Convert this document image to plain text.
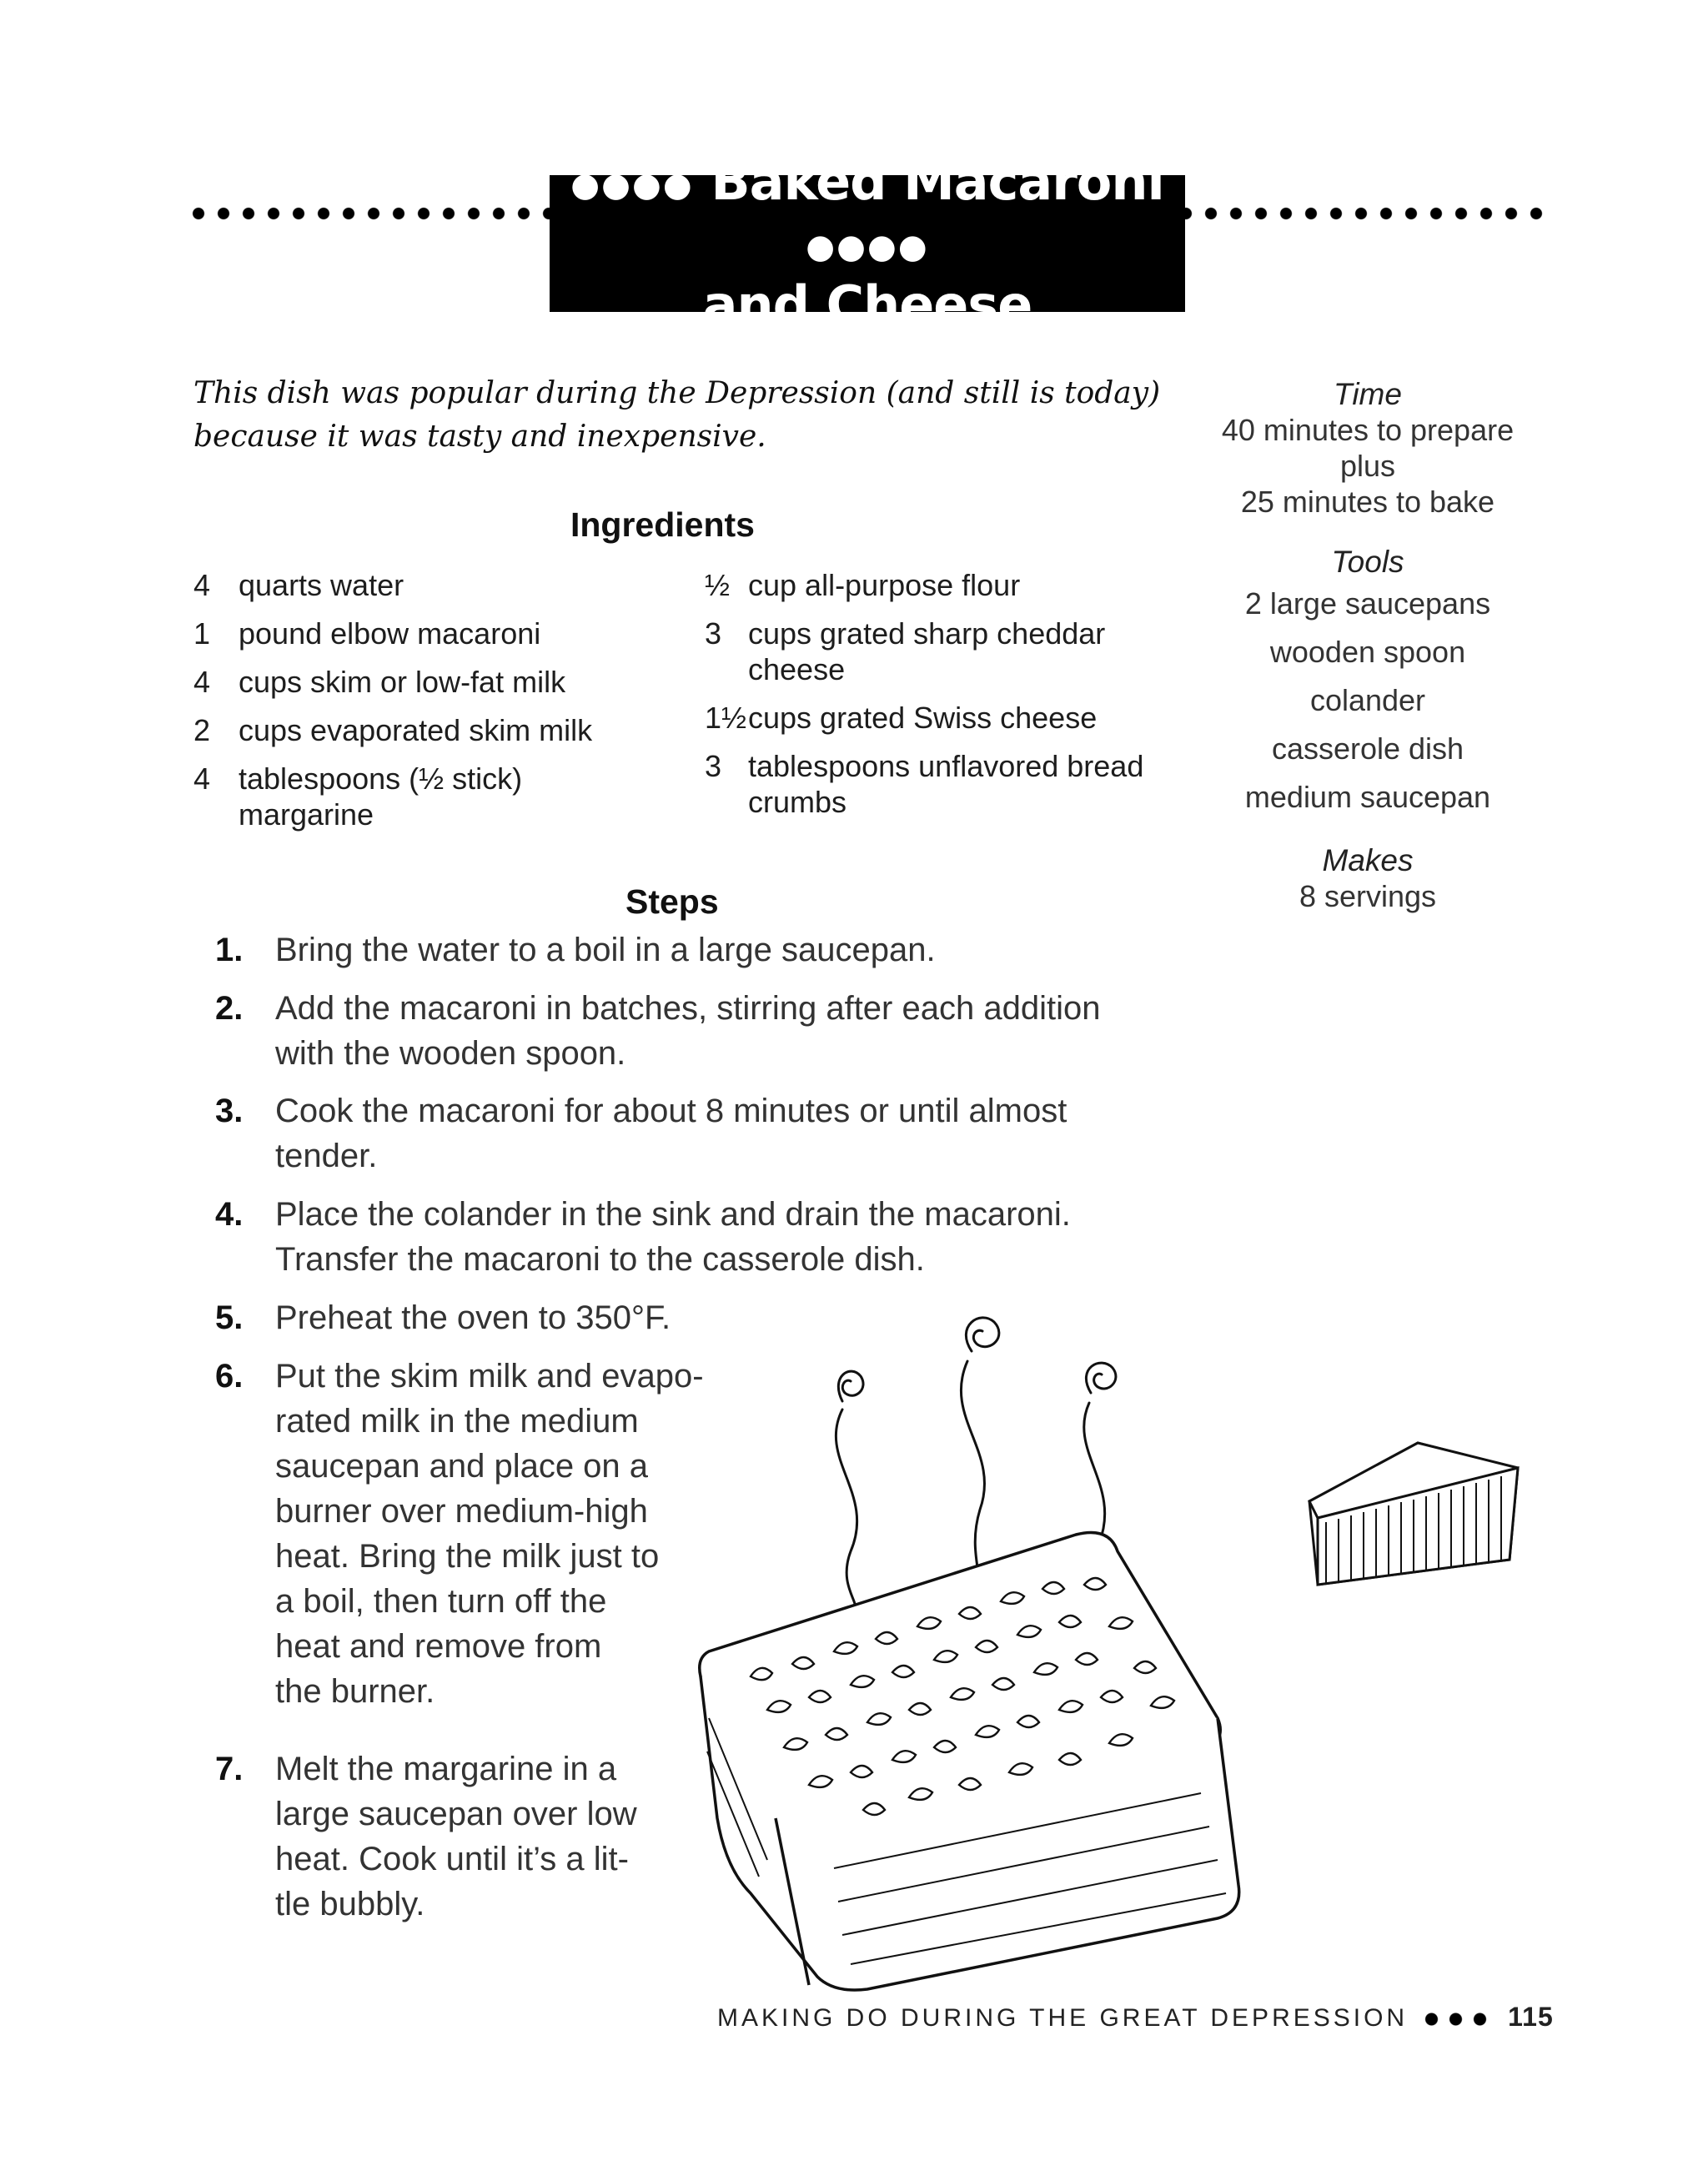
●●●● Baked Macaroni ●●●●
and Cheese
This dish was popular during the Depression (and still is today) because it was tasty and inexpensive.
Time
40 minutes to prepare
plus
25 minutes to bake
Tools
2 large saucepans
wooden spoon
colander
casserole dish
medium saucepan
Makes
8 servings
Ingredients
4 quarts water
1 pound elbow macaroni
4 cups skim or low-fat milk
2 cups evaporated skim milk
4 tablespoons (½ stick) margarine
½ cup all-purpose flour
3 cups grated sharp cheddar cheese
1½ cups grated Swiss cheese
3 tablespoons unflavored bread crumbs
Steps
1. Bring the water to a boil in a large saucepan.
2. Add the macaroni in batches, stirring after each addition
with the wooden spoon.
3. Cook the macaroni for about 8 minutes or until almost
tender.
4. Place the colander in the sink and drain the macaroni.
Transfer the macaroni to the casserole dish.
5. Preheat the oven to 350°F.
6. Put the skim milk and evapo-
rated milk in the medium
saucepan and place on a
burner over medium-high
heat. Bring the milk just to
a boil, then turn off the
heat and remove from
the burner.
7. Melt the margarine in a
large saucepan over low
heat. Cook until it’s a lit-
tle bubbly.
MAKING DO DURING THE GREAT DEPRESSION	115
